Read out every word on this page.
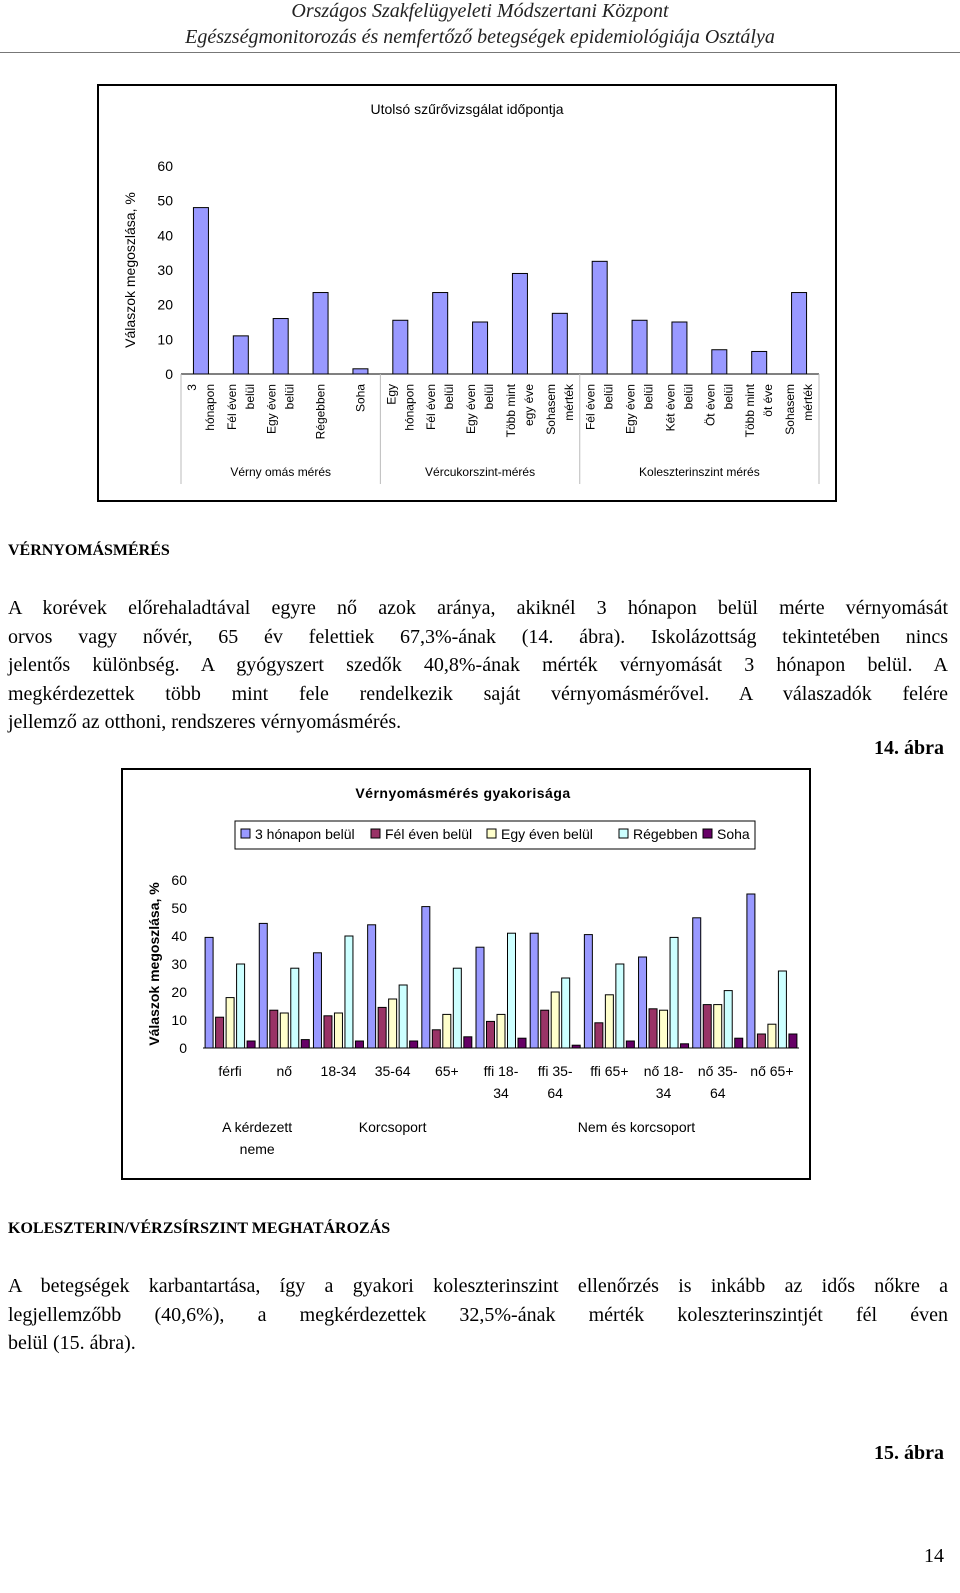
Országos Szakfelügyeleti Módszertani Központ
Egészségmonitorozás és nemfertőző betegségek epidemiológiája Osztálya
Utolsó szűrővizsgálat időpontja
Válaszok megoszlása, %
0
10
20
30
40
50
60
3 hónapon Fél éven belül Egy éven belül Régebben Soha Egy hónapon Fél éven belül Egy éven belül Több mint egy éve Sohasem mérték Fél éven belül Egy éven belül Két éven belül Öt éven belül Több mint öt éve Sohasem mérték
Vérny omás mérés	Vércukorszint-mérés	Koleszterinszint mérés
VÉRNYOMÁSMÉRÉS
A korévek előrehaladtával egyre nő azok aránya, akiknél 3 hónapon belül mérte vérnyomását
orvos vagy nővér, 65 év felettiek 67,3%-ának (14. ábra). Iskolázottság tekintetében nincs
jelentős különbség. A gyógyszert szedők 40,8%-ának mérték vérnyomását 3 hónapon belül. A
megkérdezettek több mint fele rendelkezik saját vérnyomásmérővel. A válaszadók felére
jellemző az otthoni, rendszeres vérnyomásmérés.
14. ábra
Vérnyomásmérés gyakorisága
3 hónapon belül Fél éven belül Egy éven belül	Régebben Soha
Válaszok megoszlása, %
0
10
20
30
40
50
60
férfi nő 18-34 35-64 65+ ffi 18-
34
ffi 35-
64
ffi 65+ nő 18-
34
nő 35-
64
nő 65+
A kérdezett
neme
Korcsoport	Nem és korcsoport
KOLESZTERIN/VÉRZSÍRSZINT MEGHATÁROZÁS
A betegségek karbantartása, így a gyakori koleszterinszint ellenőrzés is inkább az idős nőkre a
legjellemzőbb (40,6%), a megkérdezettek 32,5%-ának mérték koleszterinszintjét fél éven
belül (15. ábra).
15. ábra
14
